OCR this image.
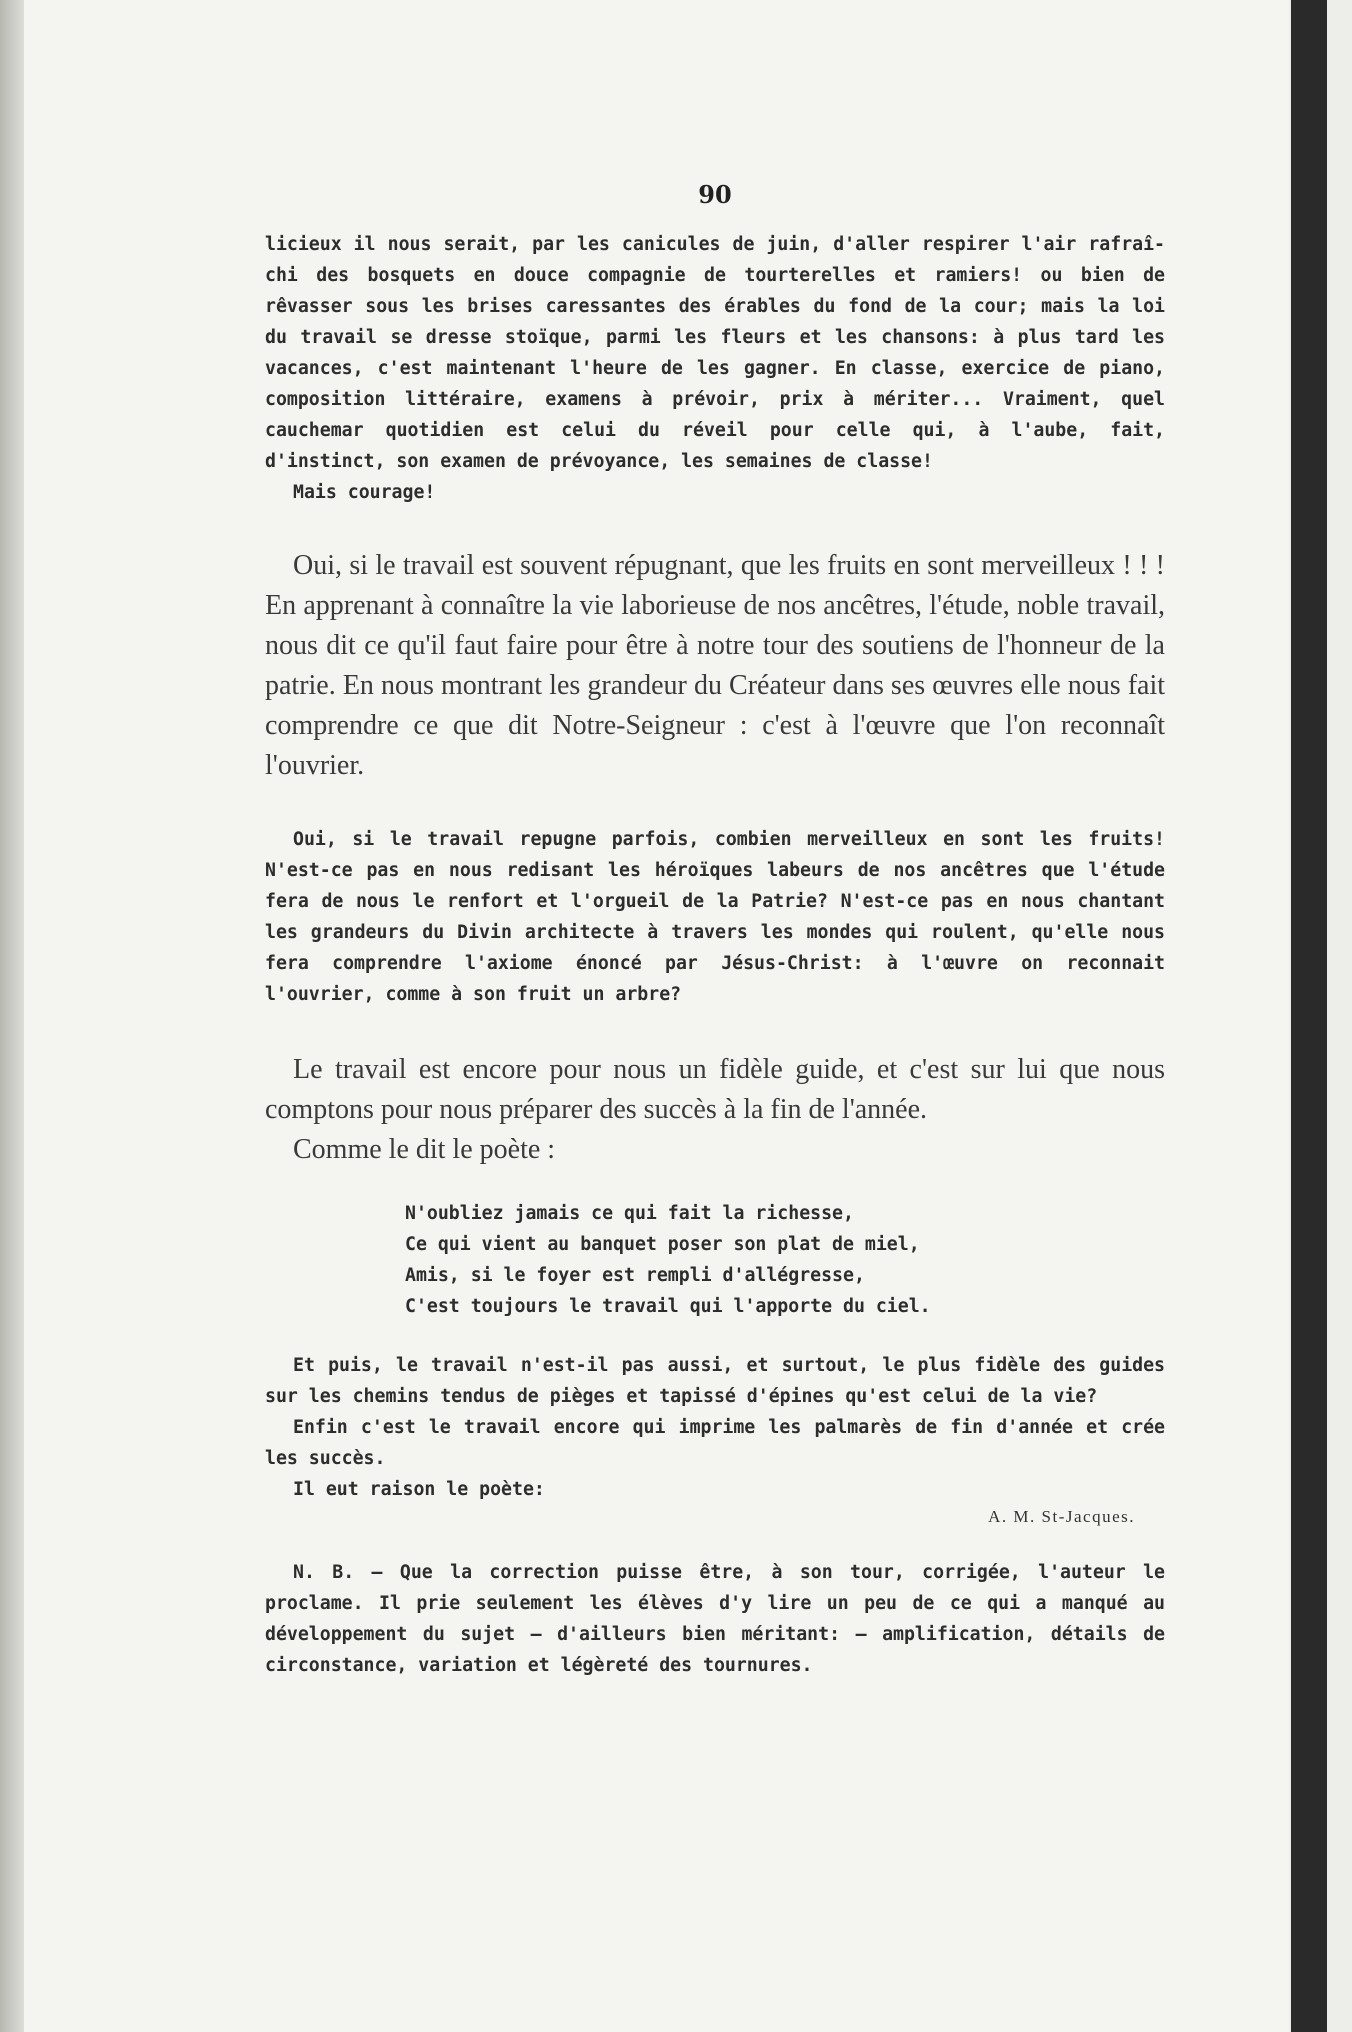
90

licieux il nous serait, par les canicules de juin, d'aller respirer l'air rafraî-chi des bosquets en douce compagnie de tourterelles et ramiers! ou bien de rêvasser sous les brises caressantes des érables du fond de la cour; mais la loi du travail se dresse stoïque, parmi les fleurs et les chansons: à plus tard les vacances, c'est maintenant l'heure de les gagner. En classe, exercice de piano, composition littéraire, examens à prévoir, prix à mériter... Vraiment, quel cauchemar quotidien est celui du réveil pour celle qui, à l'aube, fait, d'instinct, son examen de prévoyance, les semaines de classe!

Mais courage!

Oui, si le travail est souvent répugnant, que les fruits en sont merveilleux ! ! ! En apprenant à connaître la vie laborieuse de nos ancêtres, l'étude, noble travail, nous dit ce qu'il faut faire pour être à notre tour des soutiens de l'honneur de la patrie. En nous montrant les grandeur du Créateur dans ses œuvres elle nous fait comprendre ce que dit Notre-Seigneur : c'est à l'œuvre que l'on reconnaît l'ouvrier.

Oui, si le travail repugne parfois, combien merveilleux en sont les fruits! N'est-ce pas en nous redisant les héroïques labeurs de nos ancêtres que l'étude fera de nous le renfort et l'orgueil de la Patrie? N'est-ce pas en nous chantant les grandeurs du Divin architecte à travers les mondes qui roulent, qu'elle nous fera comprendre l'axiome énoncé par Jésus-Christ: à l'œuvre on reconnait l'ouvrier, comme à son fruit un arbre?

Le travail est encore pour nous un fidèle guide, et c'est sur lui que nous comptons pour nous préparer des succès à la fin de l'année.

Comme le dit le poète :

N'oubliez jamais ce qui fait la richesse,
Ce qui vient au banquet poser son plat de miel,
Amis, si le foyer est rempli d'allégresse,
C'est toujours le travail qui l'apporte du ciel.

Et puis, le travail n'est-il pas aussi, et surtout, le plus fidèle des guides sur les chemins tendus de pièges et tapissé d'épines qu'est celui de la vie?

Enfin c'est le travail encore qui imprime les palmarès de fin d'année et crée les succès.

Il eut raison le poète:

A. M. St-Jacques.

N. B. — Que la correction puisse être, à son tour, corrigée, l'auteur le proclame. Il prie seulement les élèves d'y lire un peu de ce qui a manqué au développement du sujet — d'ailleurs bien méritant: — amplification, détails de circonstance, variation et légèreté des tournures.
